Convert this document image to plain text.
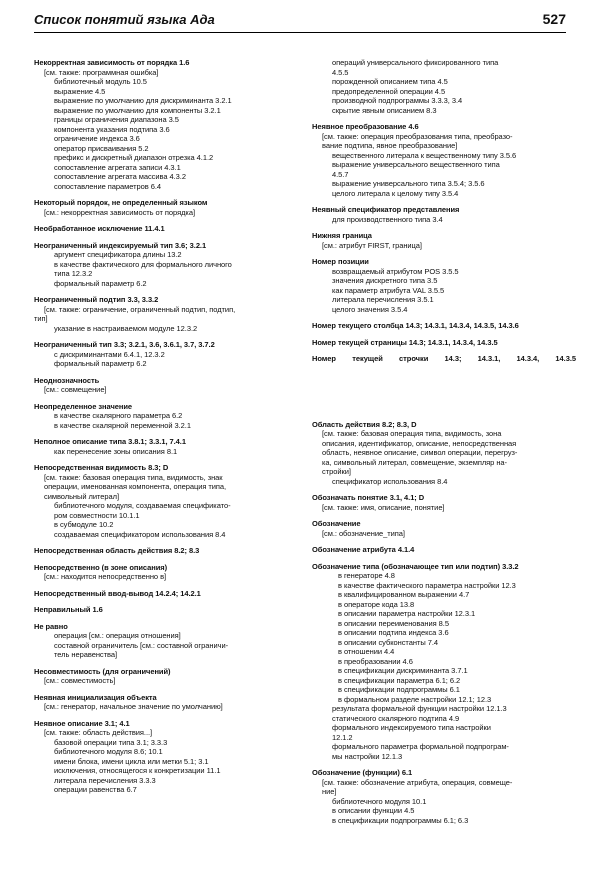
Список понятий языка Ада	527
Некорректная зависимость от порядка 1.6
[см. также: программная ошибка]
библиотечный модуль 10.5
выражение 4.5
выражение по умолчанию для дискриминанта 3.2.1
выражение по умолчанию для компоненты 3.2.1
границы ограничения диапазона 3.5
компонента указания подтипа 3.6
ограничение индекса 3.6
оператор присваивания 5.2
префикс и дискретный диапазон отрезка 4.1.2
сопоставление агрегата записи 4.3.1
сопоставление агрегата массива 4.3.2
сопоставление параметров 6.4
Некоторый порядок, не определенный языком
[см.: некорректная зависимость от порядка]
Необработанное исключение 11.4.1
Неограниченный индексируемый тип 3.6; 3.2.1
аргумент спецификатора длины 13.2
в качестве фактического для формального личного
типа 12.3.2
формальный параметр 6.2
Неограниченный подтип 3.3, 3.3.2
[см. также: ограничение, ограниченный подтип, подтип,
тип]
указание в настраиваемом модуле 12.3.2
Неограниченный тип 3.3; 3.2.1, 3.6, 3.6.1, 3.7, 3.7.2
с дискриминантами 6.4.1, 12.3.2
формальный параметр 6.2
Неоднозначность
[см.: совмещение]
Неопределенное значение
в качестве скалярного параметра 6.2
в качестве скалярной переменной 3.2.1
Неполное описание типа 3.8.1; 3.3.1, 7.4.1
как перенесение зоны описания 8.1
Непосредственная видимость 8.3; D
[см. также: базовая операция типа, видимость, знак
операции, именованная компонента, операция типа,
символьный литерал]
библиотечного модуля, создаваемая спецификато-
ром совместности 10.1.1
в субмодуле 10.2
создаваемая спецификатором использования 8.4
Непосредственная область действия 8.2; 8.3
Непосредственно (в зоне описания)
[см.: находится непосредственно в]
Непосредственный ввод-вывод 14.2.4; 14.2.1
Неправильный 1.6
Не равно
операция [см.: операция отношения]
составной ограничитель [см.: составной ограничи-
тель неравенства]
Несовместимость (для ограничений)
[см.: совместимость]
Неявная инициализация объекта
[см.: генератор, начальное значение по умолчанию]
Неявное описание 3.1; 4.1
[см. также: область действия...]
базовой операции типа 3.1; 3.3.3
библиотечного модуля 8.6; 10.1
имени блока, имени цикла или метки 5.1; 3.1
исключения, относящегося к конкретизации 11.1
литерала перечисления 3.3.3
операции равенства 6.7
операций универсального фиксированного типа
4.5.5
порожденной описанием типа 4.5
предопределенной операции 4.5
производной подпрограммы 3.3.3, 3.4
скрытие явным описанием 8.3
Неявное преобразование 4.6
[см. также: операция преобразования типа, преобразо-
вание подтипа, явное преобразование]
вещественного литерала к вещественному типу 3.5.6
выражение универсального вещественного типа
4.5.7
выражение универсального типа 3.5.4; 3.5.6
целого литерала к целому типу 3.5.4
Неявный спецификатор представления
для производственного типа 3.4
Нижняя граница
[см.: атрибут FIRST, граница]
Номер позиции
возвращаемый атрибутом POS 3.5.5
значения дискретного типа 3.5
как параметр атрибута VAL 3.5.5
литерала перечисления 3.5.1
целого значения 3.5.4
Номер текущего столбца 14.3; 14.3.1, 14.3.4, 14.3.5, 14.3.6
Номер текущей страницы 14.3; 14.3.1, 14.3.4, 14.3.5
Номер текущей строчки 14.3; 14.3.1, 14.3.4, 14.3.5
Область действия 8.2; 8.3, D
[см. также: базовая операция типа, видимость, зона
описания, идентификатор, описание, непосредственная
область, неявное описание, символ операции, перегруз-
ка, символьный литерал, совмещение, экземпляр на-
стройки]
спецификатор использования 8.4
Обозначать понятие 3.1, 4.1; D
[см. также: имя, описание, понятие]
Обозначение
[см.: обозначение_типа]
Обозначение атрибута 4.1.4
Обозначение типа (обозначающее тип или подтип) 3.3.2
в генераторе 4.8
в качестве фактического параметра настройки 12.3
в квалифицированном выражении 4.7
в операторе кода 13.8
в описании параметра настройки 12.3.1
в описании переименования 8.5
в описании подтипа индекса 3.6
в описании субконстанты 7.4
в отношении 4.4
в преобразовании 4.6
в спецификации дискриминанта 3.7.1
в спецификации параметра 6.1; 6.2
в спецификации подпрограммы 6.1
в формальном разделе настройки 12.1; 12.3
результата формальной функции настройки 12.1.3
статического скалярного подтипа 4.9
формального индексируемого типа настройки
12.1.2
формального параметра формальной подпрограм-
мы настройки 12.1.3
Обозначение (функции) 6.1
[см. также: обозначение атрибута, операция, совмеще-
ние]
библиотечного модуля 10.1
в описании функции 4.5
в спецификации подпрограммы 6.1; 6.3
